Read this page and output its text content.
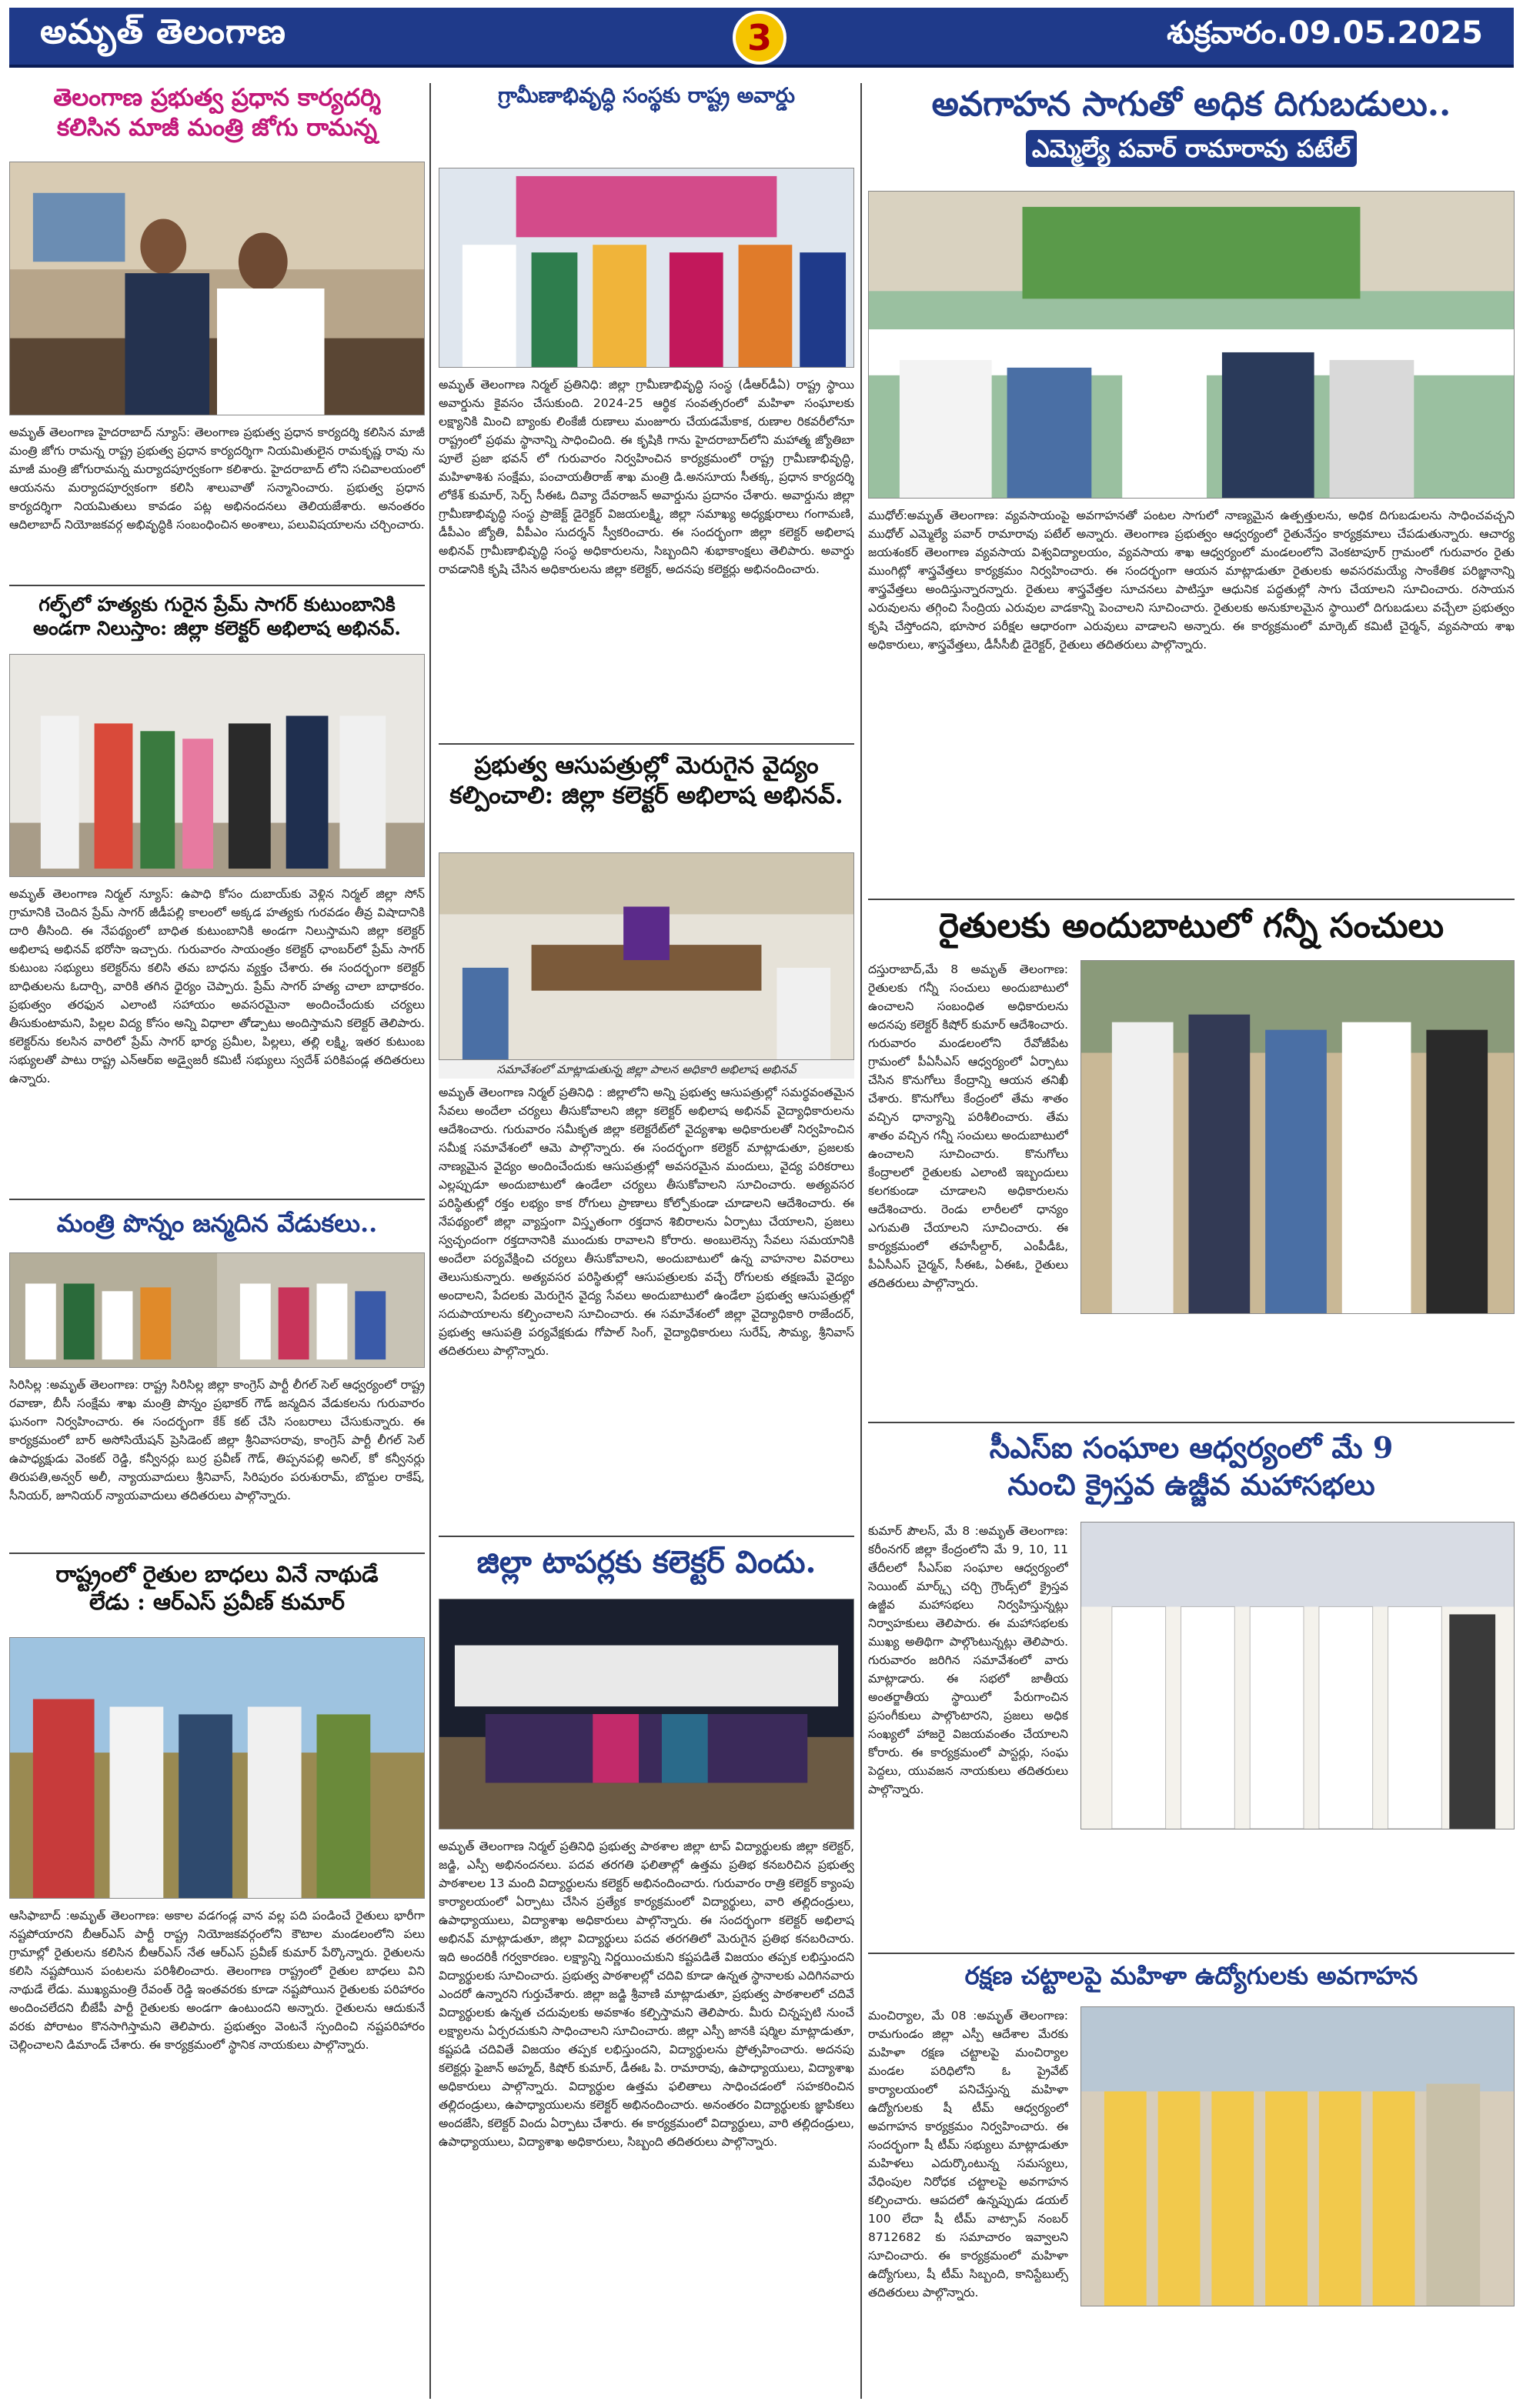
అమృత్ తెలంగాణ	3	శుక్రవారం.09.05.2025
తెలంగాణ ప్రభుత్వ ప్రధాన కార్యదర్శి
కలిసిన మాజీ మంత్రి జోగు రామన్న
అమృత్ తెలంగాణ హైదరాబాద్ న్యూస్: తెలంగాణ ప్రభుత్వ ప్రధాన కార్యదర్శి కలిసిన మాజీ మంత్రి జోగు రామన్న రాష్ట్ర ప్రభుత్వ ప్రధాన కార్యదర్శిగా నియమితులైన రామకృష్ణ రావు ను మాజీ మంత్రి జోగురామన్న మర్యాదపూర్వకంగా కలిశారు. హైదరాబాద్ లోని సచివాలయంలో ఆయనను మర్యాదపూర్వకంగా కలిసి శాలువాతో సన్మానించారు. ప్రభుత్వ ప్రధాన కార్యదర్శిగా నియమితులు కావడం పట్ల అభినందనలు తెలియజేశారు. అనంతరం ఆదిలాబాద్ నియోజకవర్గ అభివృద్ధికి సంబంధించిన అంశాలు, పలువిషయాలను చర్చించారు.
గల్ఫ్‌లో హత్యకు గురైన ప్రేమ్ సాగర్ కుటుంబానికి
అండగా నిలుస్తాం: జిల్లా కలెక్టర్ అభిలాష అభినవ్.
అమృత్ తెలంగాణ నిర్మల్ న్యూస్: ఉపాధి కోసం దుబాయ్‌కు వెళ్లిన నిర్మల్ జిల్లా సోన్ గ్రామానికి చెందిన ప్రేమ్ సాగర్ జీడీపల్లి కాలంలో అక్కడ హత్యకు గురవడం తీవ్ర విషాదానికి దారి తీసింది. ఈ నేపథ్యంలో బాధిత కుటుంబానికి అండగా నిలుస్తామని జిల్లా కలెక్టర్ అభిలాష అభినవ్ భరోసా ఇచ్చారు. గురువారం సాయంత్రం కలెక్టర్ ఛాంబర్‌లో ప్రేమ్ సాగర్ కుటుంబ సభ్యులు కలెక్టర్‌ను కలిసి తమ బాధను వ్యక్తం చేశారు. ఈ సందర్భంగా కలెక్టర్ బాధితులను ఓదార్చి, వారికి తగిన ధైర్యం చెప్పారు. ప్రేమ్ సాగర్ హత్య చాలా బాధాకరం. ప్రభుత్వం తరఫున ఎలాంటి సహాయం అవసరమైనా అందించేందుకు చర్యలు తీసుకుంటామని, పిల్లల విద్య కోసం అన్ని విధాలా తోడ్పాటు అందిస్తామని కలెక్టర్ తెలిపారు. కలెక్టర్‌ను కలసిన వారిలో ప్రేమ్ సాగర్ భార్య ప్రమీల, పిల్లలు, తల్లి లక్ష్మి, ఇతర కుటుంబ సభ్యులతో పాటు రాష్ట్ర ఎన్‌ఆర్ఐ అడ్వైజరీ కమిటీ సభ్యులు స్వదేశ్ పరికిపండ్ల తదితరులు ఉన్నారు.
మంత్రి పొన్నం జన్మదిన వేడుకలు..
సిరిసిల్ల :అమృత్ తెలంగాణ: రాష్ట్ర సిరిసిల్ల జిల్లా కాంగ్రెస్ పార్టీ లీగల్ సెల్ ఆధ్వర్యంలో రాష్ట్ర రవాణా, బీసీ సంక్షేమ శాఖ మంత్రి పొన్నం ప్రభాకర్ గౌడ్ జన్మదిన వేడుకలను గురువారం ఘనంగా నిర్వహించారు. ఈ సందర్భంగా కేక్ కట్ చేసి సంబరాలు చేసుకున్నారు. ఈ కార్యక్రమంలో బార్ అసోసియేషన్ ప్రెసిడెంట్ జిల్లా శ్రీనివాసరావు, కాంగ్రెస్ పార్టీ లీగల్ సెల్ ఉపాధ్యక్షుడు వెంకట్ రెడ్డి, కన్వీనర్లు బుర్ర ప్రవీణ్ గౌడ్, తిప్పనపల్లి అనిల్, కో కన్వీనర్లు తిరుపతి,అన్వర్ అలీ, న్యాయవాదులు శ్రీనివాస్, సిరిపురం పరుశురామ్, బొద్దుల రాకేష్, సీనియర్, జూనియర్ న్యాయవాదులు తదితరులు పాల్గొన్నారు.
రాష్ట్రంలో రైతుల బాధలు వినే నాథుడే
లేడు : ఆర్ఎస్ ప్రవీణ్ కుమార్
ఆసిఫాబాద్ :అమృత్ తెలంగాణ: అకాల వడగండ్ల వాన వల్ల పది పండించే రైతులు భారీగా నష్టపోయారని బీఆర్ఎస్ పార్టీ రాష్ట్ర నియోజకవర్గంలోని కౌటాల మండలంలోని పలు గ్రామాల్లో రైతులను కలిసిన బీఆర్ఎస్ నేత ఆర్ఎస్ ప్రవీణ్ కుమార్ పేర్కొన్నారు. రైతులను కలిసి నష్టపోయిన పంటలను పరిశీలించారు. తెలంగాణ రాష్ట్రంలో రైతుల బాధలు విని నాథుడే లేడు. ముఖ్యమంత్రి రేవంత్ రెడ్డి ఇంతవరకు కూడా నష్టపోయిన రైతులకు పరిహారం అందించలేదని బీజేపీ పార్టీ రైతులకు అండగా ఉంటుందని అన్నారు. రైతులను ఆదుకునే వరకు పోరాటం కొనసాగిస్తామని తెలిపారు. ప్రభుత్వం వెంటనే స్పందించి నష్టపరిహారం చెల్లించాలని డిమాండ్ చేశారు. ఈ కార్యక్రమంలో స్థానిక నాయకులు పాల్గొన్నారు.
గ్రామీణాభివృద్ధి సంస్థకు రాష్ట్ర అవార్డు
అమృత్ తెలంగాణ నిర్మల్ ప్రతినిధి: జిల్లా గ్రామీణాభివృద్ధి సంస్థ (డీఆర్‌డీఏ) రాష్ట్ర స్థాయి అవార్డును కైవసం చేసుకుంది. 2024-25 ఆర్థిక సంవత్సరంలో మహిళా సంఘాలకు లక్ష్యానికి మించి బ్యాంకు లింకేజీ రుణాలు మంజూరు చేయడమేకాక, రుణాల రికవరీలోనూ రాష్ట్రంలో ప్రథమ స్థానాన్ని సాధించింది. ఈ కృషికి గాను హైదరాబాద్‌లోని మహాత్మ జ్యోతిబా పూలే ప్రజా భవన్ లో గురువారం నిర్వహించిన కార్యక్రమంలో రాష్ట్ర గ్రామీణాభివృద్ధి, మహిళాశిశు సంక్షేమ, పంచాయతీరాజ్ శాఖ మంత్రి డి.అనసూయ సీతక్క, ప్రధాన కార్యదర్శి లోకేశ్ కుమార్, సెర్ప్ సీఈఓ దివ్యా దేవరాజన్ అవార్డును ప్రదానం చేశారు. అవార్డును జిల్లా గ్రామీణాభివృద్ధి సంస్థ ప్రాజెక్ట్ డైరెక్టర్ విజయలక్ష్మి, జిల్లా సమాఖ్య అధ్యక్షురాలు గంగామణి, డీపీఎం జ్యోతి, వీపీఎం సుదర్శన్ స్వీకరించారు. ఈ సందర్భంగా జిల్లా కలెక్టర్ అభిలాష అభినవ్ గ్రామీణాభివృద్ధి సంస్థ అధికారులను, సిబ్బందిని శుభాకాంక్షలు తెలిపారు. అవార్డు రావడానికి కృషి చేసిన అధికారులను జిల్లా కలెక్టర్, అదనపు కలెక్టర్లు అభినందించారు.
ప్రభుత్వ ఆసుపత్రుల్లో మెరుగైన వైద్యం
కల్పించాలి: జిల్లా కలెక్టర్ అభిలాష అభినవ్.
సమావేశంలో మాట్లాడుతున్న జిల్లా పాలన అధికారి అభిలాష అభినవ్
అమృత్ తెలంగాణ నిర్మల్ ప్రతినిధి : జిల్లాలోని అన్ని ప్రభుత్వ ఆసుపత్రుల్లో సమర్థవంతమైన సేవలు అందేలా చర్యలు తీసుకోవాలని జిల్లా కలెక్టర్ అభిలాష అభినవ్ వైద్యాధికారులను ఆదేశించారు. గురువారం సమీకృత జిల్లా కలెక్టరేట్‌లో వైద్యశాఖ అధికారులతో నిర్వహించిన సమీక్ష సమావేశంలో ఆమె పాల్గొన్నారు. ఈ సందర్భంగా కలెక్టర్ మాట్లాడుతూ, ప్రజలకు నాణ్యమైన వైద్యం అందించేందుకు ఆసుపత్రుల్లో అవసరమైన మందులు, వైద్య పరికరాలు ఎల్లప్పుడూ అందుబాటులో ఉండేలా చర్యలు తీసుకోవాలని సూచించారు. అత్యవసర పరిస్థితుల్లో రక్తం లభ్యం కాక రోగులు ప్రాణాలు కోల్పోకుండా చూడాలని ఆదేశించారు. ఈ నేపథ్యంలో జిల్లా వ్యాప్తంగా విస్తృతంగా రక్తదాన శిబిరాలను ఏర్పాటు చేయాలని, ప్రజలు స్వచ్ఛందంగా రక్తదానానికి ముందుకు రావాలని కోరారు. అంబులెన్సు సేవలు సమయానికి అందేలా పర్యవేక్షించి చర్యలు తీసుకోవాలని, అందుబాటులో ఉన్న వాహనాల వివరాలు తెలుసుకున్నారు. అత్యవసర పరిస్థితుల్లో ఆసుపత్రులకు వచ్చే రోగులకు తక్షణమే వైద్యం అందాలని, పేదలకు మెరుగైన వైద్య సేవలు అందుబాటులో ఉండేలా ప్రభుత్వ ఆసుపత్రుల్లో సదుపాయాలను కల్పించాలని సూచించారు. ఈ సమావేశంలో జిల్లా వైద్యాధికారి రాజేందర్, ప్రభుత్వ ఆసుపత్రి పర్యవేక్షకుడు గోపాల్ సింగ్, వైద్యాధికారులు సురేష్, సౌమ్య, శ్రీనివాస్ తదితరులు పాల్గొన్నారు.
జిల్లా టాపర్లకు కలెక్టర్ విందు.
అమృత్ తెలంగాణ నిర్మల్ ప్రతినిధి ప్రభుత్వ పాఠశాల జిల్లా టాప్ విద్యార్థులకు జిల్లా కలెక్టర్, జడ్జి, ఎస్పీ అభినందనలు. పదవ తరగతి ఫలితాల్లో ఉత్తమ ప్రతిభ కనబరిచిన ప్రభుత్వ పాఠశాలల 13 మంది విద్యార్థులను కలెక్టర్ అభినందించారు. గురువారం రాత్రి కలెక్టర్ క్యాంపు కార్యాలయంలో ఏర్పాటు చేసిన ప్రత్యేక కార్యక్రమంలో విద్యార్థులు, వారి తల్లిదండ్రులు, ఉపాధ్యాయులు, విద్యాశాఖ అధికారులు పాల్గొన్నారు. ఈ సందర్భంగా కలెక్టర్ అభిలాష అభినవ్ మాట్లాడుతూ, జిల్లా విద్యార్థులు పదవ తరగతిలో మెరుగైన ప్రతిభ కనబరిచారు. ఇది అందరికీ గర్వకారణం. లక్ష్యాన్ని నిర్ణయించుకుని కష్టపడితే విజయం తప్పక లభిస్తుందని విద్యార్థులకు సూచించారు. ప్రభుత్వ పాఠశాలల్లో చదివి కూడా ఉన్నత స్థానాలకు ఎదిగినవారు ఎందరో ఉన్నారని గుర్తుచేశారు. జిల్లా జడ్జి శ్రీవాణి మాట్లాడుతూ, ప్రభుత్వ పాఠశాలలో చదివే విద్యార్థులకు ఉన్నత చదువులకు అవకాశం కల్పిస్తామని తెలిపారు. మీరు చిన్నప్పటి నుంచే లక్ష్యాలను ఏర్పరచుకుని సాధించాలని సూచించారు. జిల్లా ఎస్పీ జానకి షర్మిల మాట్లాడుతూ, కష్టపడి చదివితే విజయం తప్పక లభిస్తుందని, విద్యార్థులను ప్రోత్సహించారు. అదనపు కలెక్టర్లు ఫైజాన్ అహ్మద్, కిషోర్ కుమార్, డీఈఓ పి. రామారావు, ఉపాధ్యాయులు, విద్యాశాఖ అధికారులు పాల్గొన్నారు. విద్యార్థుల ఉత్తమ ఫలితాలు సాధించడంలో సహకరించిన తల్లిదండ్రులు, ఉపాధ్యాయులను కలెక్టర్ అభినందించారు. అనంతరం విద్యార్థులకు జ్ఞాపికలు అందజేసి, కలెక్టర్ విందు ఏర్పాటు చేశారు. ఈ కార్యక్రమంలో విద్యార్థులు, వారి తల్లిదండ్రులు, ఉపాధ్యాయులు, విద్యాశాఖ అధికారులు, సిబ్బంది తదితరులు పాల్గొన్నారు.
అవగాహన సాగుతో అధిక దిగుబడులు..
ఎమ్మెల్యే పవార్ రామారావు పటేల్
ముధోల్:అమృత్ తెలంగాణ: వ్యవసాయంపై అవగాహనతో పంటల సాగులో నాణ్యమైన ఉత్పత్తులను, అధిక దిగుబడులను సాధించవచ్చని ముధోల్ ఎమ్మెల్యే పవార్ రామారావు పటేల్ అన్నారు. తెలంగాణ ప్రభుత్వం ఆధ్వర్యంలో రైతునేస్తం కార్యక్రమాలు చేపడుతున్నారు. ఆచార్య జయశంకర్ తెలంగాణ వ్యవసాయ విశ్వవిద్యాలయం, వ్యవసాయ శాఖ ఆధ్వర్యంలో మండలంలోని వెంకటాపూర్ గ్రామంలో గురువారం రైతు ముంగిట్లో శాస్త్రవేత్తలు కార్యక్రమం నిర్వహించారు. ఈ సందర్భంగా ఆయన మాట్లాడుతూ రైతులకు అవసరమయ్యే సాంకేతిక పరిజ్ఞానాన్ని శాస్త్రవేత్తలు అందిస్తున్నారన్నారు. రైతులు శాస్త్రవేత్తల సూచనలు పాటిస్తూ ఆధునిక పద్ధతుల్లో సాగు చేయాలని సూచించారు. రసాయన ఎరువులను తగ్గించి సేంద్రియ ఎరువుల వాడకాన్ని పెంచాలని సూచించారు. రైతులకు అనుకూలమైన స్థాయిలో దిగుబడులు వచ్చేలా ప్రభుత్వం కృషి చేస్తోందని, భూసార పరీక్షల ఆధారంగా ఎరువులు వాడాలని అన్నారు. ఈ కార్యక్రమంలో మార్కెట్ కమిటీ చైర్మన్, వ్యవసాయ శాఖ అధికారులు, శాస్త్రవేత్తలు, డీసీసీబీ డైరెక్టర్, రైతులు తదితరులు పాల్గొన్నారు.
రైతులకు అందుబాటులో గన్నీ సంచులు
దస్తురాబాద్,మే 8 అమృత్ తెలంగాణ: రైతులకు గన్నీ సంచులు అందుబాటులో ఉంచాలని సంబంధిత అధికారులను అదనపు కలెక్టర్ కిషోర్ కుమార్ ఆదేశించారు. గురువారం మండలంలోని రేవోజీపేట గ్రామంలో పీఏసీఎస్ ఆధ్వర్యంలో ఏర్పాటు చేసిన కొనుగోలు కేంద్రాన్ని ఆయన తనిఖీ చేశారు. కొనుగోలు కేంద్రంలో తేమ శాతం వచ్చిన ధాన్యాన్ని పరిశీలించారు. తేమ శాతం వచ్చిన గన్నీ సంచులు అందుబాటులో ఉంచాలని సూచించారు. కొనుగోలు కేంద్రాలలో రైతులకు ఎలాంటి ఇబ్బందులు కలగకుండా చూడాలని అధికారులను ఆదేశించారు. రెండు లారీలలో ధాన్యం ఎగుమతి చేయాలని సూచించారు. ఈ కార్యక్రమంలో తహసీల్దార్, ఎంపీడీఓ, పీఏసీఎస్ చైర్మన్, సీఈఓ, ఏఈఓ, రైతులు తదితరులు పాల్గొన్నారు.
సీఎస్ఐ సంఘాల ఆధ్వర్యంలో మే 9
నుంచి క్రైస్తవ ఉజ్జీవ మహాసభలు
కుమార్ పౌలస్, మే 8 :అమృత్ తెలంగాణ: కరీంనగర్ జిల్లా కేంద్రంలోని మే 9, 10, 11 తేదీలలో సీఎస్ఐ సంఘాల ఆధ్వర్యంలో సెయింట్ మార్క్స్ చర్చి గ్రౌండ్స్‌లో క్రైస్తవ ఉజ్జీవ మహాసభలు నిర్వహిస్తున్నట్లు నిర్వాహకులు తెలిపారు. ఈ మహాసభలకు ముఖ్య అతిథిగా పాల్గొంటున్నట్లు తెలిపారు. గురువారం జరిగిన సమావేశంలో వారు మాట్లాడారు. ఈ సభలో జాతీయ అంతర్జాతీయ స్థాయిలో పేరుగాంచిన ప్రసంగీకులు పాల్గొంటారని, ప్రజలు అధిక సంఖ్యలో హాజరై విజయవంతం చేయాలని కోరారు. ఈ కార్యక్రమంలో పాస్టర్లు, సంఘ పెద్దలు, యువజన నాయకులు తదితరులు పాల్గొన్నారు.
రక్షణ చట్టాలపై మహిళా ఉద్యోగులకు అవగాహన
మంచిర్యాల, మే 08 :అమృత్ తెలంగాణ: రామగుండం జిల్లా ఎస్పీ ఆదేశాల మేరకు మహిళా రక్షణ చట్టాలపై మంచిర్యాల మండల పరిధిలోని ఓ ప్రైవేట్ కార్యాలయంలో పనిచేస్తున్న మహిళా ఉద్యోగులకు షీ టీమ్ ఆధ్వర్యంలో అవగాహన కార్యక్రమం నిర్వహించారు. ఈ సందర్భంగా షీ టీమ్ సభ్యులు మాట్లాడుతూ మహిళలు ఎదుర్కొంటున్న సమస్యలు, వేధింపుల నిరోధక చట్టాలపై అవగాహన కల్పించారు. ఆపదలో ఉన్నప్పుడు డయల్ 100 లేదా షీ టీమ్ వాట్సాప్ నంబర్ 8712682 కు సమాచారం ఇవ్వాలని సూచించారు. ఈ కార్యక్రమంలో మహిళా ఉద్యోగులు, షీ టీమ్ సిబ్బంది, కానిస్టేబుల్స్ తదితరులు పాల్గొన్నారు.
